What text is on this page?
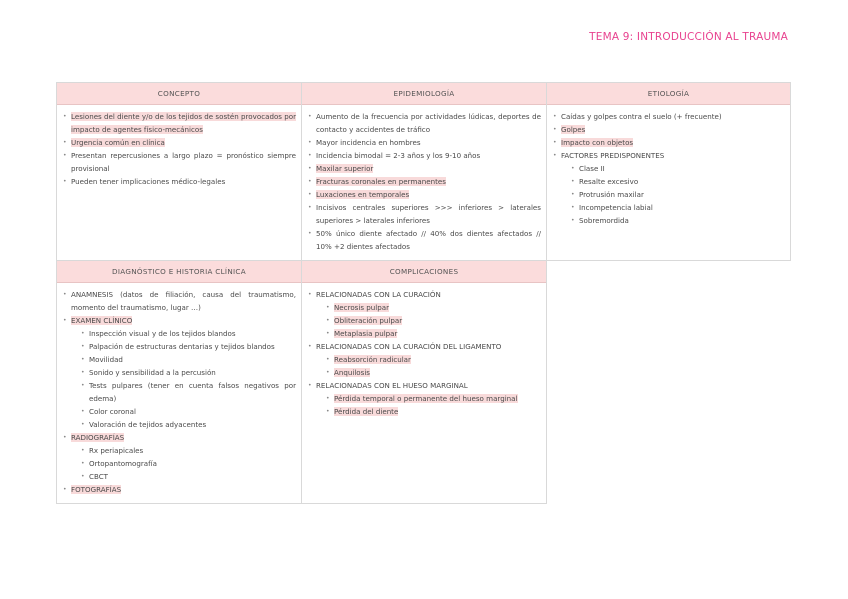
TEMA 9: INTRODUCCIÓN AL TRAUMA
CONCEPTO
• Lesiones del diente y/o de los tejidos de sostén provocados por impacto de agentes físico-mecánicos
• Urgencia común en clínica
• Presentan repercusiones a largo plazo = pronóstico siempre provisional
• Pueden tener implicaciones médico-legales
EPIDEMIOLOGÍA
• Aumento de la frecuencia por actividades lúdicas, deportes de contacto y accidentes de tráfico
• Mayor incidencia en hombres
• Incidencia bimodal = 2-3 años y los 9-10 años
• Maxilar superior
• Fracturas coronales en permanentes
• Luxaciones en temporales
• Incisivos centrales superiores >>> inferiores > laterales superiores > laterales inferiores
• 50% único diente afectado // 40% dos dientes afectados // 10% +2 dientes afectados
ETIOLOGÍA
• Caídas y golpes contra el suelo (+ frecuente)
• Golpes
• Impacto con objetos
• FACTORES PREDISPONENTES
• Clase II
• Resalte excesivo
• Protrusión maxilar
• Incompetencia labial
• Sobremordida
DIAGNÓSTICO E HISTORIA CLÍNICA
• ANAMNESIS (datos de filiación, causa del traumatismo, momento del traumatismo, lugar …)
• EXAMEN CLÍNICO
• Inspección visual y de los tejidos blandos
• Palpación de estructuras dentarias y tejidos blandos
• Movilidad
• Sonido y sensibilidad a la percusión
• Tests pulpares (tener en cuenta falsos negativos por edema)
• Color coronal
• Valoración de tejidos adyacentes
• RADIOGRAFÍAS
• Rx periapicales
• Ortopantomografía
• CBCT
• FOTOGRAFÍAS
COMPLICACIONES
• RELACIONADAS CON LA CURACIÓN
• Necrosis pulpar
• Obliteración pulpar
• Metaplasia pulpar
• RELACIONADAS CON LA CURACIÓN DEL LIGAMENTO
• Reabsorción radicular
• Anquilosis
• RELACIONADAS CON EL HUESO MARGINAL
• Pérdida temporal o permanente del hueso marginal
• Pérdida del diente
